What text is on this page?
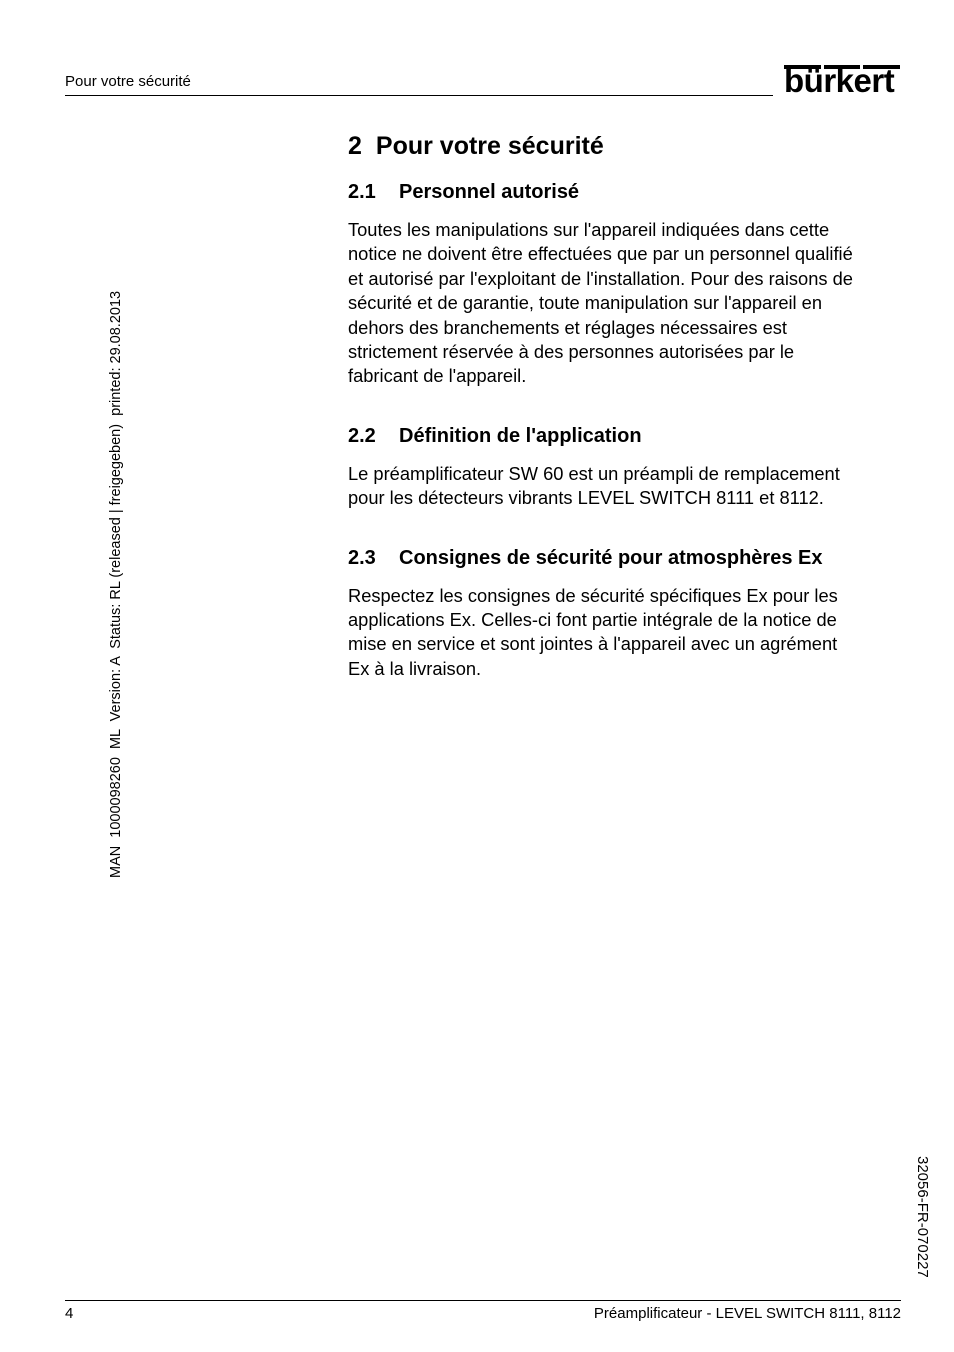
Pour votre sécurité	bürkert
MAN  1000098260  ML  Version: A  Status: RL (released | freigegeben)  printed: 29.08.2013
32056-FR-070227
2 Pour votre sécurité
2.1 Personnel autorisé

Toutes les manipulations sur l'appareil indiquées dans cette
notice ne doivent être effectuées que par un personnel qualifié
et autorisé par l'exploitant de l'installation. Pour des raisons de
sécurité et de garantie, toute manipulation sur l'appareil en
dehors des branchements et réglages nécessaires est
strictement réservée à des personnes autorisées par le
fabricant de l'appareil.

2.2 Définition de l'application

Le préamplificateur SW 60 est un préampli de remplacement
pour les détecteurs vibrants LEVEL SWITCH 8111 et 8112.

2.3 Consignes de sécurité pour atmosphères Ex

Respectez les consignes de sécurité spécifiques Ex pour les
applications Ex. Celles-ci font partie intégrale de la notice de
mise en service et sont jointes à l'appareil avec un agrément
Ex à la livraison.

4	Préamplificateur - LEVEL SWITCH 8111, 8112
